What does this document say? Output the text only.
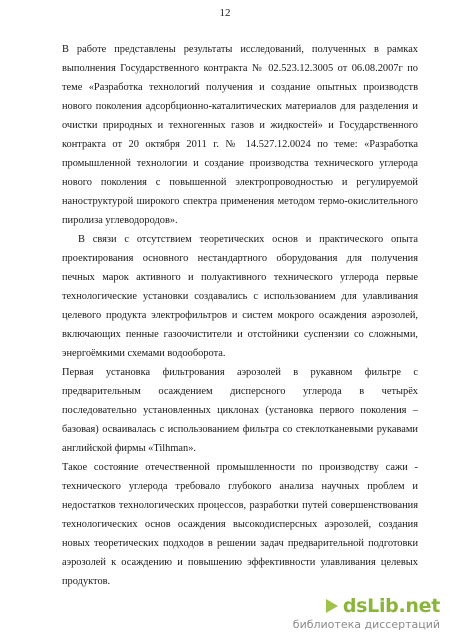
12

В работе представлены результаты исследований, полученных в рамках выполнения Государственного контракта № 02.523.12.3005 от 06.08.2007г по теме «Разработка технологий получения и создание опытных производств нового поколения адсорбционно-каталитических материалов для разделения и очистки природных и техногенных газов и жидкостей» и Государственного контракта от 20 октября 2011 г. № 14.527.12.0024 по теме: «Разработка промышленной технологии и создание производства технического углерода нового поколения с повышенной электропроводностью и регулируемой наноструктурой широкого спектра применения методом термо-окислительного пиролиза углеводородов».

В связи с отсутствием теоретических основ и практического опыта проектирования основного нестандартного оборудования для получения печных марок активного и полуактивного технического углерода первые технологические установки создавались с использованием для улавливания целевого продукта электрофильтров и систем мокрого осаждения аэрозолей, включающих пенные газоочистители и отстойники суспензии со сложными, энергоёмкими схемами водооборота.

Первая установка фильтрования аэрозолей в рукавном фильтре с предварительным осаждением дисперсного углерода в четырёх последовательно установленных циклонах (установка первого поколения – базовая) осваивалась с использованием фильтра со стеклотканевыми рукавами английской фирмы «Tilhman».

Такое состояние отечественной промышленности по производству сажи - технического углерода требовало глубокого анализа научных проблем и недостатков технологических процессов, разработки путей совершенствования технологических основ осаждения высокодисперсных аэрозолей, создания новых теоретических подходов в решении задач предварительной подготовки аэрозолей к осаждению и повышению эффективности улавливания целевых продуктов.

dsLib.net
библиотека диссертаций
